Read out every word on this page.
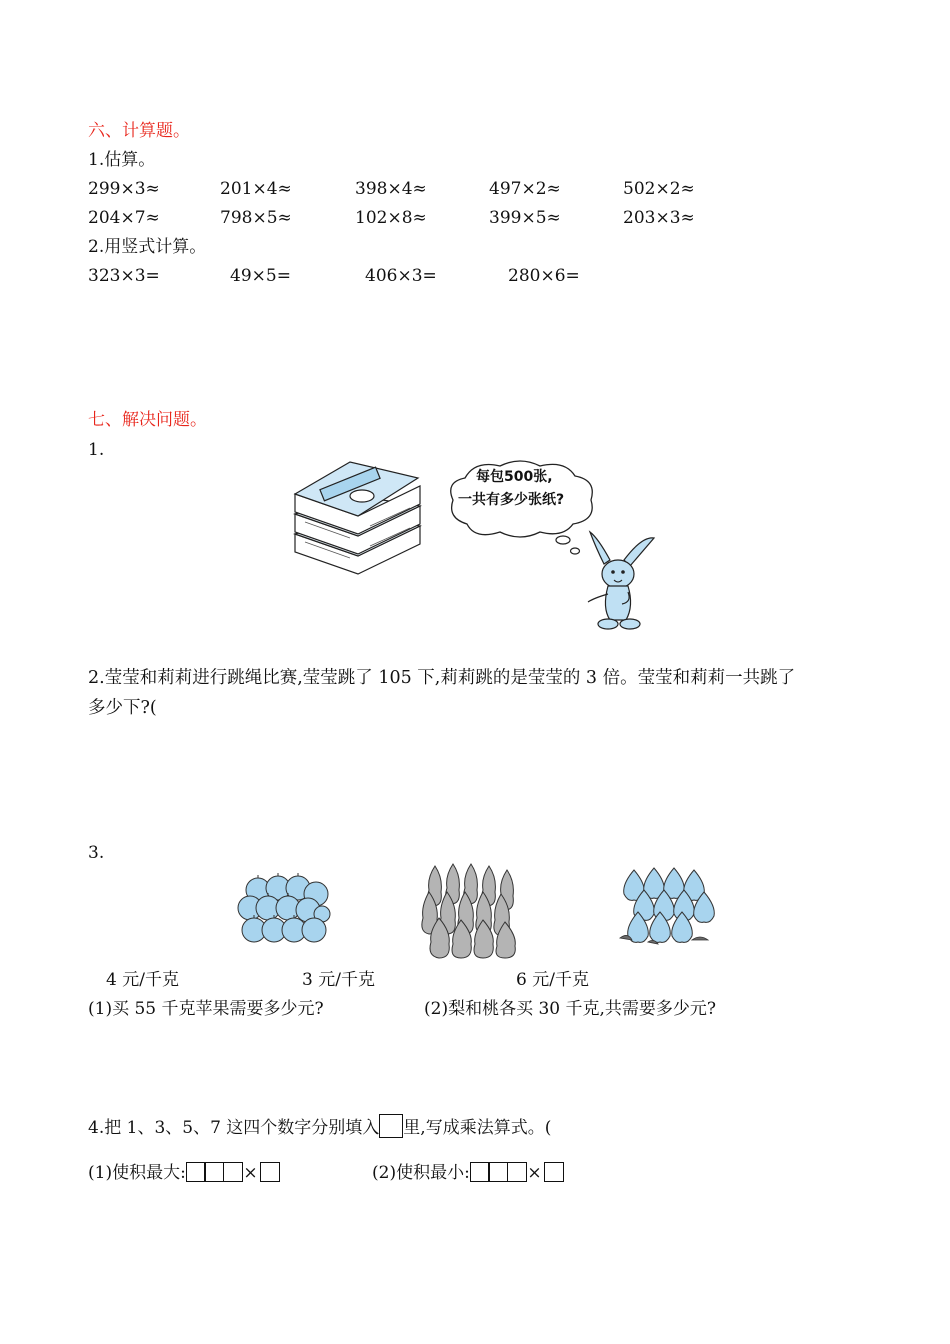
六、计算题。
1.估算。
299×3≈	201×4≈	398×4≈	497×2≈	502×2≈
204×7≈	798×5≈	102×8≈	399×5≈	203×3≈
2.用竖式计算。
323×3=	49×5=	406×3=	280×6=
七、解决问题。
1.
每包500张,
一共有多少张纸?
2.莹莹和莉莉进行跳绳比赛,莹莹跳了 105 下,莉莉跳的是莹莹的 3 倍。莹莹和莉莉一共跳了
多少下?(
3.
4 元/千克	3 元/千克	6 元/千克
(1)买 55 千克苹果需要多少元?	(2)梨和桃各买 30 千克,共需要多少元?
4.把 1、3、5、7 这四个数字分别填入 里,写成乘法算式。(
(1)使积最大:	×	(2)使积最小:	×
